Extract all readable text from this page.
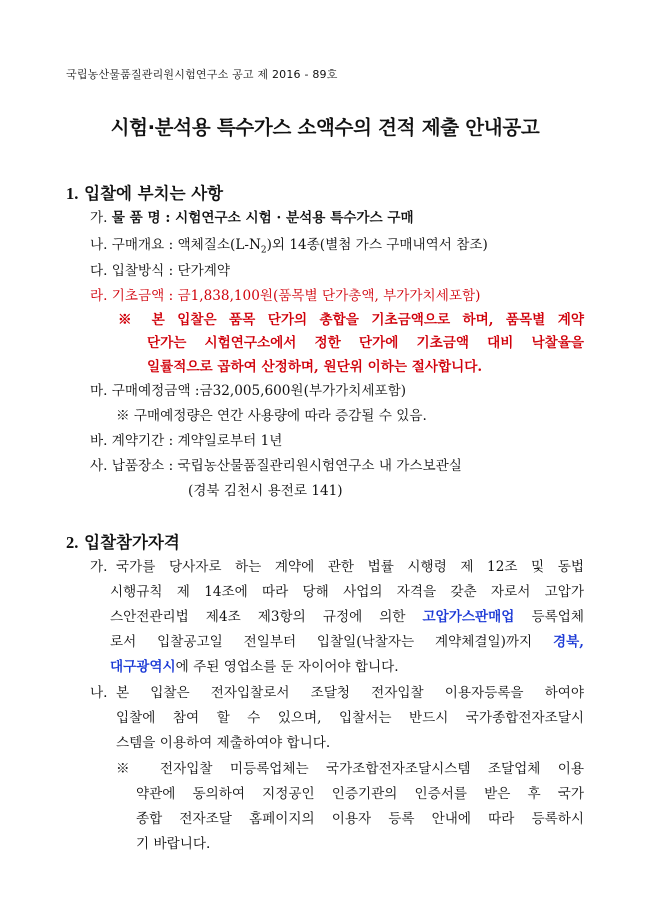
국립농산물품질관리원시험연구소 공고 제 2016 - 89호
시험·분석용 특수가스 소액수의 견적 제출 안내공고
1. 입찰에 부치는 사항
가. 물 품 명 : 시험연구소 시험 · 분석용 특수가스 구매
나. 구매개요 : 액체질소$(L-N_2)$외 14종(별첨 가스 구매내역서 참조)
다. 입찰방식 : 단가계약
라. 기초금액 : 금1,838,100원(품목별 단가총액, 부가가치세포함)
※ 본 입찰은 품목 단가의 총합을 기초금액으로 하며, 품목별 계약
단가는 시험연구소에서 정한 단가에 기초금액 대비 낙찰율을
일률적으로 곱하여 산정하며, 원단위 이하는 절사합니다.
마. 구매예정금액 :금32,005,600원(부가가치세포함)
※ 구매예정량은 연간 사용량에 따라 증감될 수 있음.
바. 계약기간 : 계약일로부터 1년
사. 납품장소 : 국립농산물품질관리원시험연구소 내 가스보관실
(경북 김천시 용전로 141)
2. 입찰참가자격
가. 국가를 당사자로 하는 계약에 관한 법률 시행령 제 12조 및 동법
시행규칙 제 14조에 따라 당해 사업의 자격을 갖춘 자로서 고압가
스안전관리법 제4조 제3항의 규정에 의한 고압가스판매업 등록업체
로서 입찰공고일 전일부터 입찰일(낙찰자는 계약체결일)까지 경북,
대구광역시에 주된 영업소를 둔 자이어야 합니다.
나. 본 입찰은 전자입찰로서 조달청 전자입찰 이용자등록을 하여야
입찰에 참여 할 수 있으며, 입찰서는 반드시 국가종합전자조달시
스템을 이용하여 제출하여야 합니다.
※ 전자입찰 미등록업체는 국가조합전자조달시스템 조달업체 이용
약관에 동의하여 지정공인 인증기관의 인증서를 받은 후 국가
종합 전자조달 홈페이지의 이용자 등록 안내에 따라 등록하시
기 바랍니다.
